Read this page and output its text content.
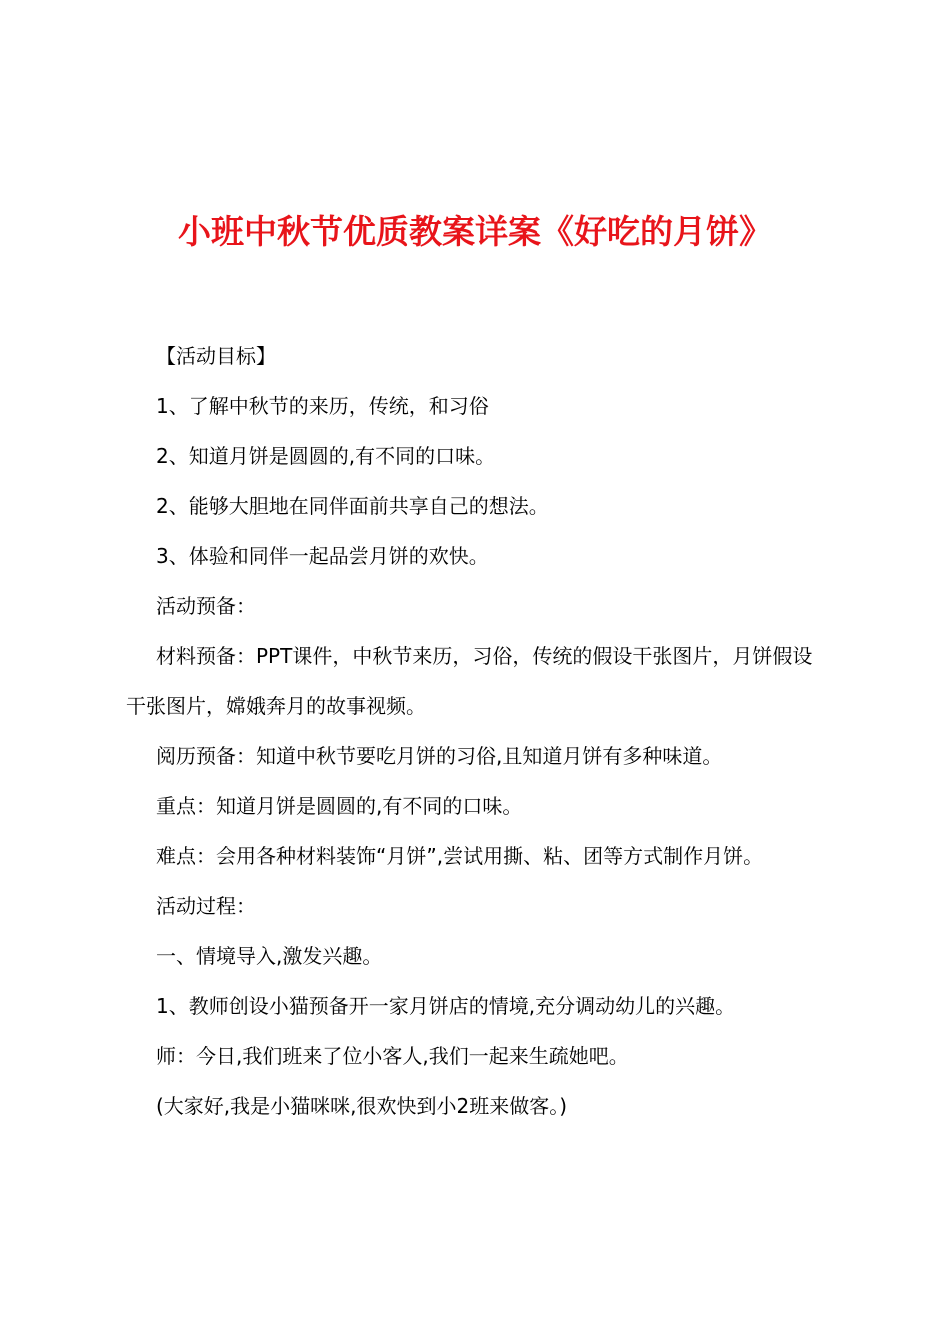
小班中秋节优质教案详案《好吃的月饼》

【活动目标】

1、了解中秋节的来历，传统，和习俗

2、知道月饼是圆圆的,有不同的口味。

2、能够大胆地在同伴面前共享自己的想法。

3、体验和同伴一起品尝月饼的欢快。

活动预备：

材料预备：PPT课件，中秋节来历，习俗，传统的假设干张图片，月饼假设干张图片，嫦娥奔月的故事视频。

阅历预备：知道中秋节要吃月饼的习俗,且知道月饼有多种味道。

重点：知道月饼是圆圆的,有不同的口味。

难点：会用各种材料装饰“月饼”,尝试用撕、粘、团等方式制作月饼。

活动过程：

一、情境导入,激发兴趣。

1、教师创设小猫预备开一家月饼店的情境,充分调动幼儿的兴趣。

师：今日,我们班来了位小客人,我们一起来生疏她吧。

(大家好,我是小猫咪咪,很欢快到小2班来做客。)
